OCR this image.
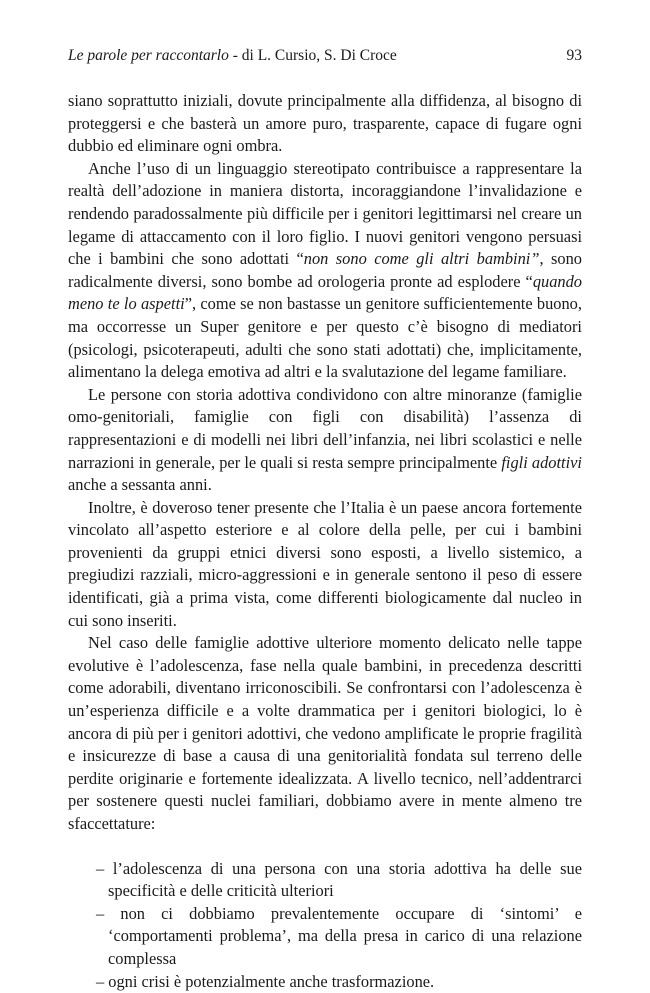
Le parole per raccontarlo - di L. Cursio, S. Di Croce	93

siano soprattutto iniziali, dovute principalmente alla diffidenza, al bisogno di proteggersi e che basterà un amore puro, trasparente, capace di fugare ogni dubbio ed eliminare ogni ombra.

Anche l’uso di un linguaggio stereotipato contribuisce a rappresentare la realtà dell’adozione in maniera distorta, incoraggiandone l’invalidazione e rendendo paradossalmente più difficile per i genitori legittimarsi nel creare un legame di attaccamento con il loro figlio. I nuovi genitori vengono persuasi che i bambini che sono adottati “non sono come gli altri bambini”, sono radicalmente diversi, sono bombe ad orologeria pronte ad esplodere “quando meno te lo aspetti”, come se non bastasse un genitore sufficientemente buono, ma occorresse un Super genitore e per questo c’è bisogno di mediatori (psicologi, psicoterapeuti, adulti che sono stati adottati) che, implicitamente, alimentano la delega emotiva ad altri e la svalutazione del legame familiare.

Le persone con storia adottiva condividono con altre minoranze (famiglie omo-genitoriali, famiglie con figli con disabilità) l’assenza di rappresentazioni e di modelli nei libri dell’infanzia, nei libri scolastici e nelle narrazioni in generale, per le quali si resta sempre principalmente figli adottivi anche a sessanta anni.

Inoltre, è doveroso tener presente che l’Italia è un paese ancora fortemente vincolato all’aspetto esteriore e al colore della pelle, per cui i bambini provenienti da gruppi etnici diversi sono esposti, a livello sistemico, a pregiudizi razziali, micro-aggressioni e in generale sentono il peso di essere identificati, già a prima vista, come differenti biologicamente dal nucleo in cui sono inseriti.

Nel caso delle famiglie adottive ulteriore momento delicato nelle tappe evolutive è l’adolescenza, fase nella quale bambini, in precedenza descritti come adorabili, diventano irriconoscibili. Se confrontarsi con l’adolescenza è un’esperienza difficile e a volte drammatica per i genitori biologici, lo è ancora di più per i genitori adottivi, che vedono amplificate le proprie fragilità e insicurezze di base a causa di una genitorialità fondata sul terreno delle perdite originarie e fortemente idealizzata. A livello tecnico, nell’addentrarci per sostenere questi nuclei familiari, dobbiamo avere in mente almeno tre sfaccettature:

– l’adolescenza di una persona con una storia adottiva ha delle sue specificità e delle criticità ulteriori
– non ci dobbiamo prevalentemente occupare di ‘sintomi’ e ‘comportamenti problema’, ma della presa in carico di una relazione complessa
– ogni crisi è potenzialmente anche trasformazione.
